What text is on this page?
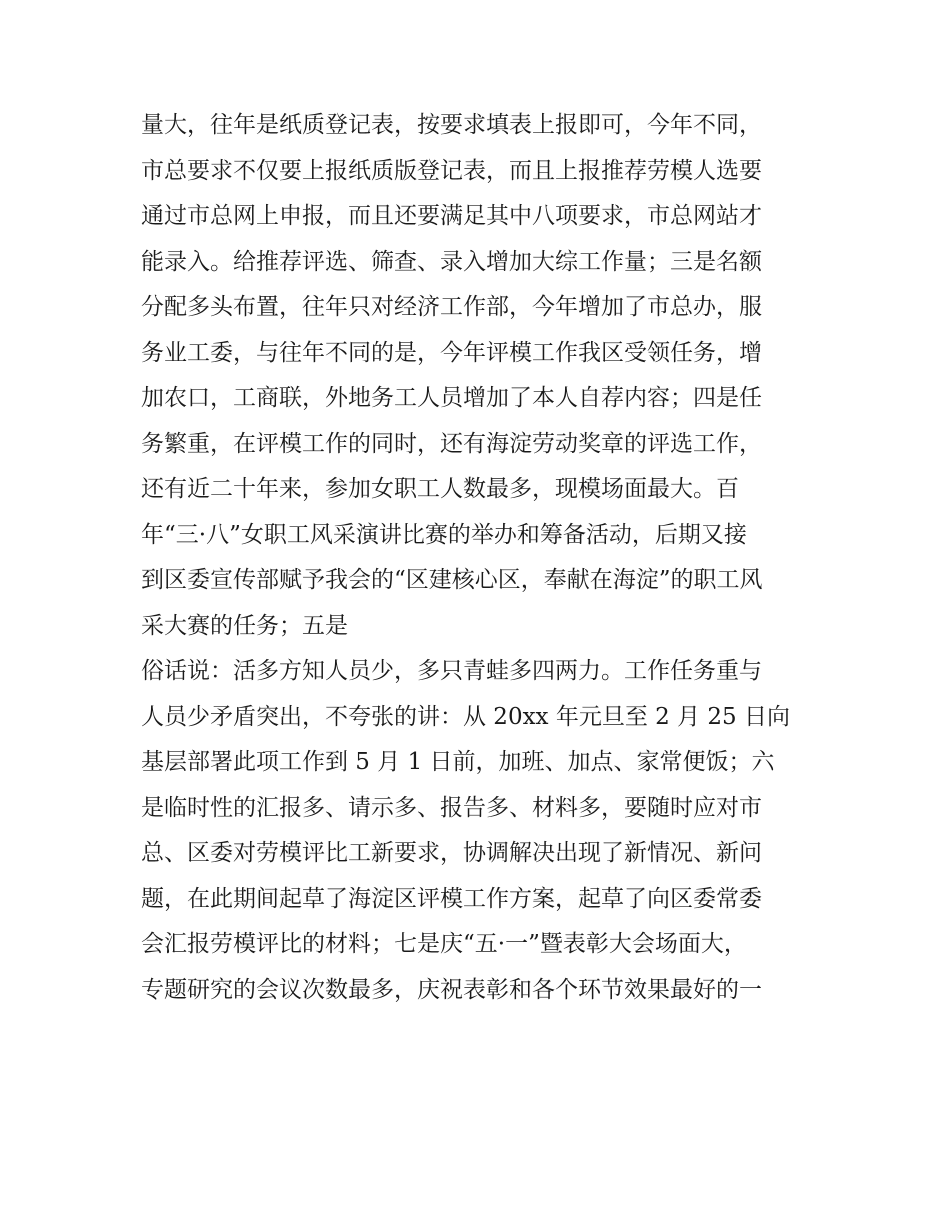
量大，往年是纸质登记表，按要求填表上报即可，今年不同，
市总要求不仅要上报纸质版登记表，而且上报推荐劳模人选要
通过市总网上申报，而且还要满足其中八项要求，市总网站才
能录入。给推荐评选、筛查、录入增加大综工作量；三是名额
分配多头布置，往年只对经济工作部，今年增加了市总办，服
务业工委，与往年不同的是，今年评模工作我区受领任务，增
加农口，工商联，外地务工人员增加了本人自荐内容；四是任
务繁重，在评模工作的同时，还有海淀劳动奖章的评选工作，
还有近二十年来，参加女职工人数最多，现模场面最大。百
年“三·八”女职工风采演讲比赛的举办和筹备活动，后期又接
到区委宣传部赋予我会的“区建核心区，奉献在海淀”的职工风
采大赛的任务；五是
俗话说：活多方知人员少，多只青蛙多四两力。工作任务重与
人员少矛盾突出，不夸张的讲：从 20xx 年元旦至 2 月 25 日向
基层部署此项工作到 5 月 1 日前，加班、加点、家常便饭；六
是临时性的汇报多、请示多、报告多、材料多，要随时应对市
总、区委对劳模评比工新要求，协调解决出现了新情况、新问
题，在此期间起草了海淀区评模工作方案，起草了向区委常委
会汇报劳模评比的材料；七是庆“五·一”暨表彰大会场面大，
专题研究的会议次数最多，庆祝表彰和各个环节效果最好的一
